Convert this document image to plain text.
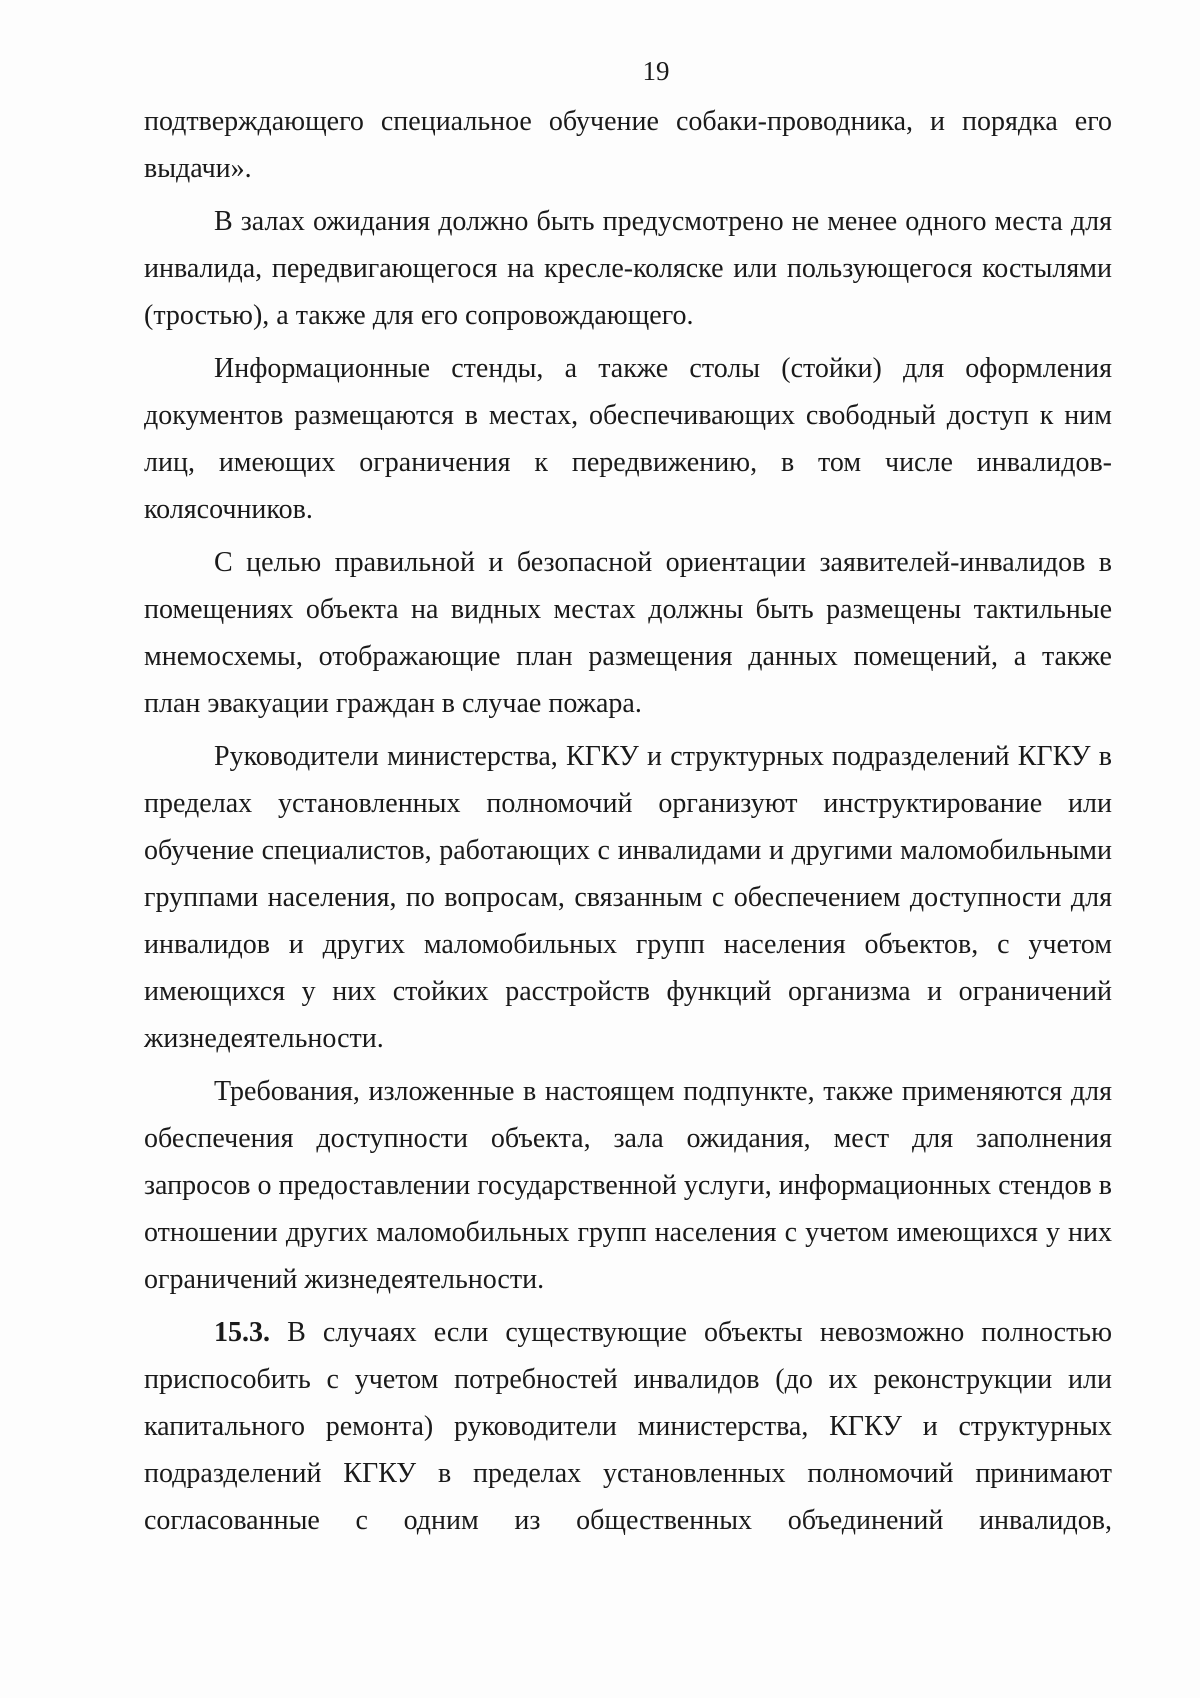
19

подтверждающего специальное обучение собаки-проводника, и порядка его выдачи».

В залах ожидания должно быть предусмотрено не менее одного места для инвалида, передвигающегося на кресле-коляске или пользующегося костылями (тростью), а также для его сопровождающего.

Информационные стенды, а также столы (стойки) для оформления документов размещаются в местах, обеспечивающих свободный доступ к ним лиц, имеющих ограничения к передвижению, в том числе инвалидов-колясочников.

С целью правильной и безопасной ориентации заявителей-инвалидов в помещениях объекта на видных местах должны быть размещены тактильные мнемосхемы, отображающие план размещения данных помещений, а также план эвакуации граждан в случае пожара.

Руководители министерства, КГКУ и структурных подразделений КГКУ в пределах установленных полномочий организуют инструктирование или обучение специалистов, работающих с инвалидами и другими маломобильными группами населения, по вопросам, связанным с обеспечением доступности для инвалидов и других маломобильных групп населения объектов, с учетом имеющихся у них стойких расстройств функций организма и ограничений жизнедеятельности.

Требования, изложенные в настоящем подпункте, также применяются для обеспечения доступности объекта, зала ожидания, мест для заполнения запросов о предоставлении государственной услуги, информационных стендов в отношении других маломобильных групп населения с учетом имеющихся у них ограничений жизнедеятельности.

15.3. В случаях если существующие объекты невозможно полностью приспособить с учетом потребностей инвалидов (до их реконструкции или капитального ремонта) руководители министерства, КГКУ и структурных подразделений КГКУ в пределах установленных полномочий принимают согласованные с одним из общественных объединений инвалидов,
